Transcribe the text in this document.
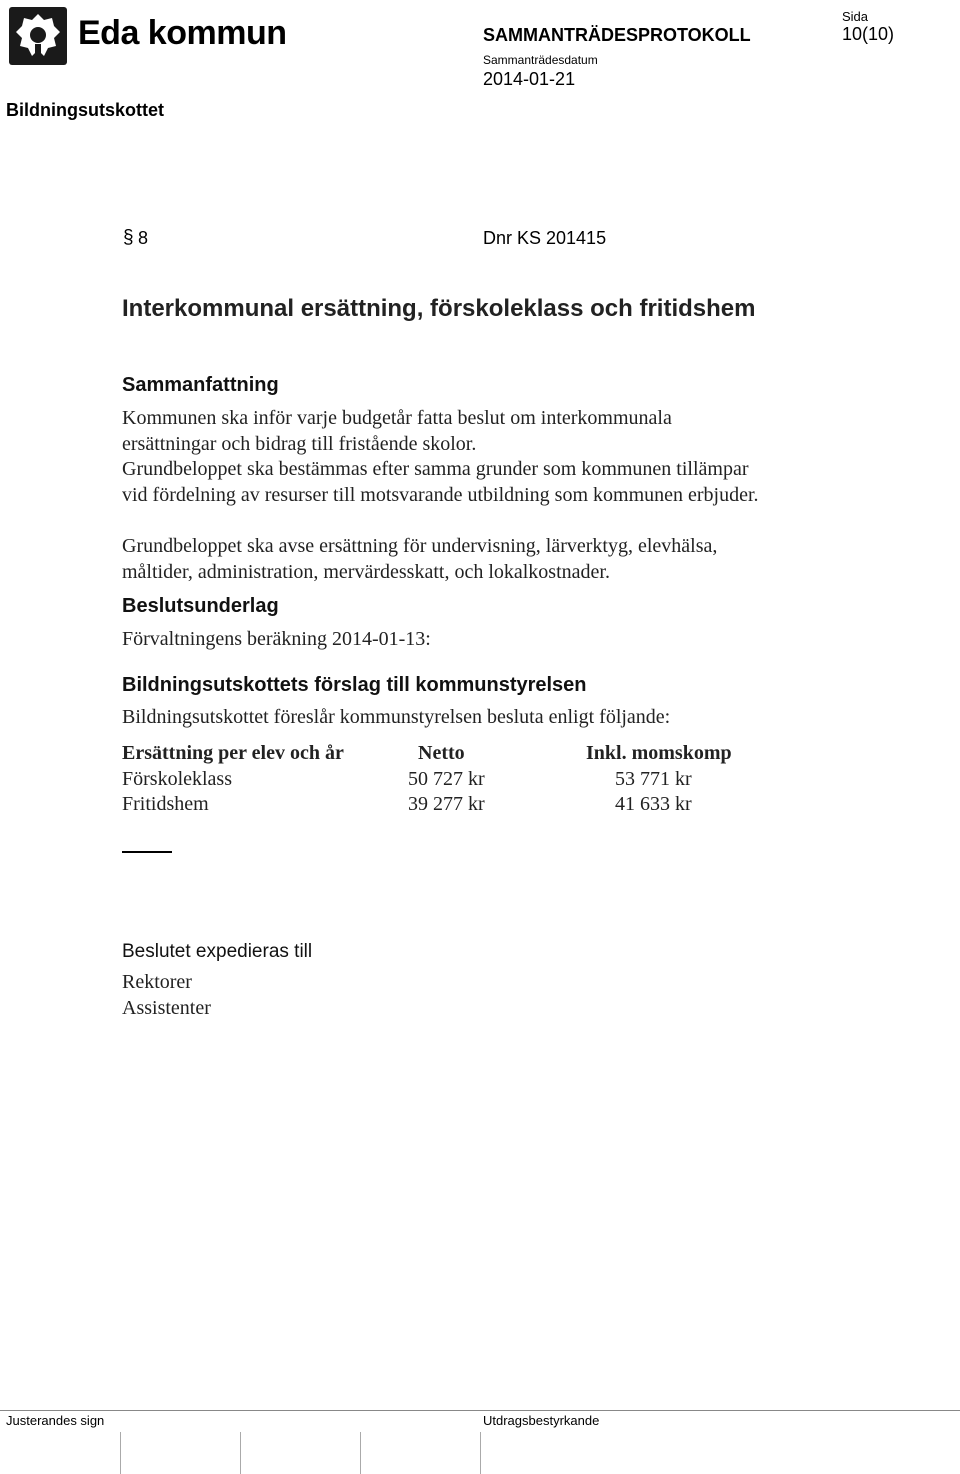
Eda kommun	SAMMANTRÄDESPROTOKOLL
Sammanträdesdatum
2014-01-21
Sida
10(10)
Bildningsutskottet
§ 8	Dnr KS 201415
Interkommunal ersättning, förskoleklass och fritidshem
Sammanfattning
Kommunen ska inför varje budgetår fatta beslut om interkommunala ersättningar och bidrag till fristående skolor.
Grundbeloppet ska bestämmas efter samma grunder som kommunen tillämpar vid fördelning av resurser till motsvarande utbildning som kommunen erbjuder.
Grundbeloppet ska avse ersättning för undervisning, lärverktyg, elevhälsa, måltider, administration, mervärdesskatt, och lokalkostnader.
Beslutsunderlag
Förvaltningens beräkning 2014-01-13:
Bildningsutskottets förslag till kommunstyrelsen
Bildningsutskottet föreslår kommunstyrelsen besluta enligt följande:
Ersättning per elev och år	Netto	Inkl. momskomp
Förskoleklass	50 727 kr	53 771 kr
Fritidshem	39 277 kr	41 633 kr
Beslutet expedieras till
Rektorer
Assistenter
Justerandes sign	Utdragsbestyrkande
